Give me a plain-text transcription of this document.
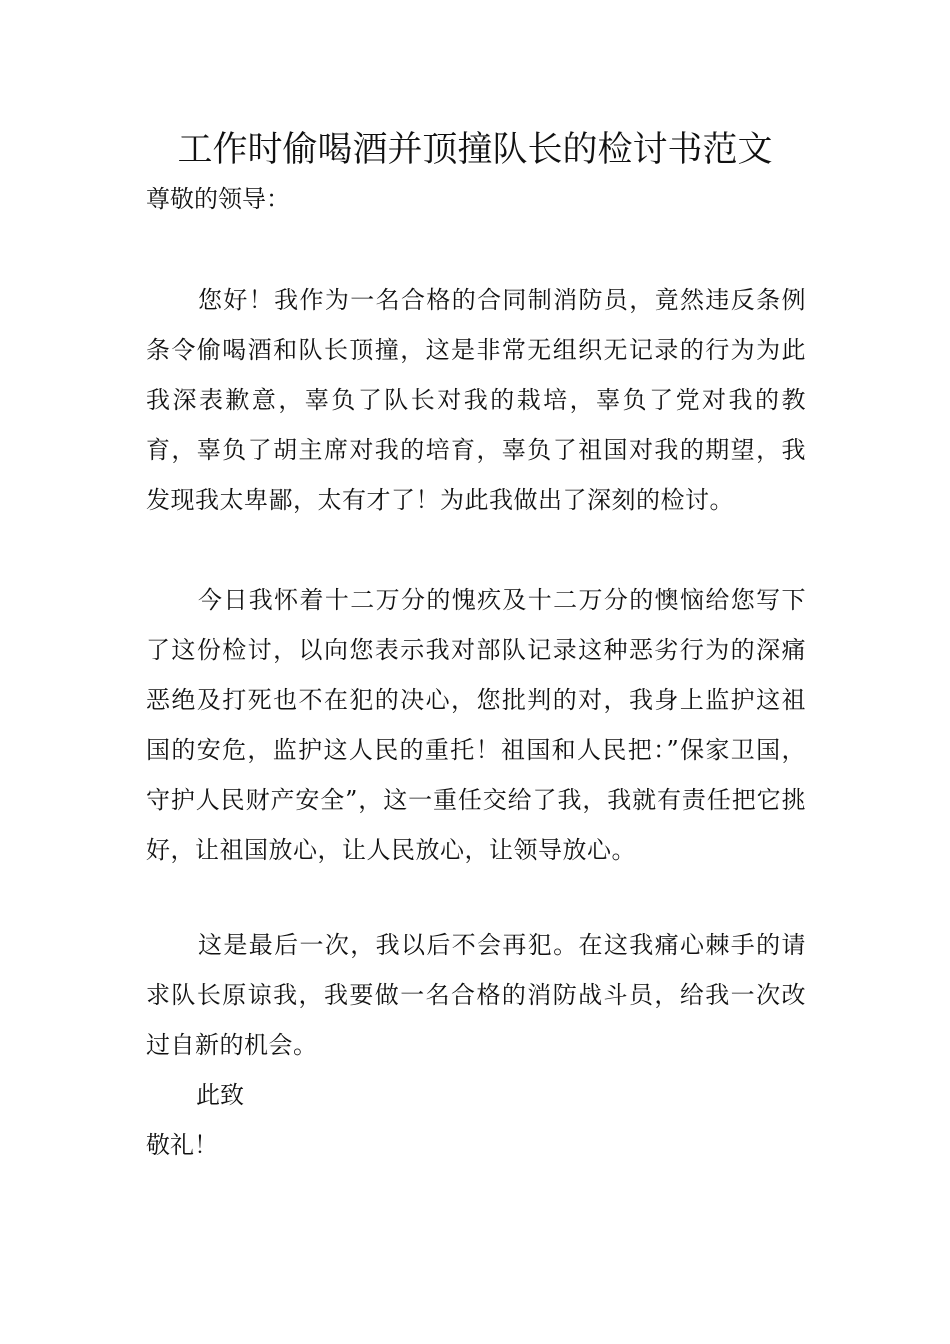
工作时偷喝酒并顶撞队长的检讨书范文

尊敬的领导：

您好！我作为一名合格的合同制消防员，竟然违反条例条令偷喝酒和队长顶撞，这是非常无组织无记录的行为为此我深表歉意，辜负了队长对我的栽培，辜负了党对我的教育，辜负了胡主席对我的培育，辜负了祖国对我的期望，我发现我太卑鄙，太有才了！为此我做出了深刻的检讨。

今日我怀着十二万分的愧疚及十二万分的懊恼给您写下了这份检讨，以向您表示我对部队记录这种恶劣行为的深痛恶绝及打死也不在犯的决心，您批判的对，我身上监护这祖国的安危，监护这人民的重托！祖国和人民把：”保家卫国，守护人民财产安全”，这一重任交给了我，我就有责任把它挑好，让祖国放心，让人民放心，让领导放心。

这是最后一次，我以后不会再犯。在这我痛心棘手的请求队长原谅我，我要做一名合格的消防战斗员，给我一次改过自新的机会。

此致

敬礼！
